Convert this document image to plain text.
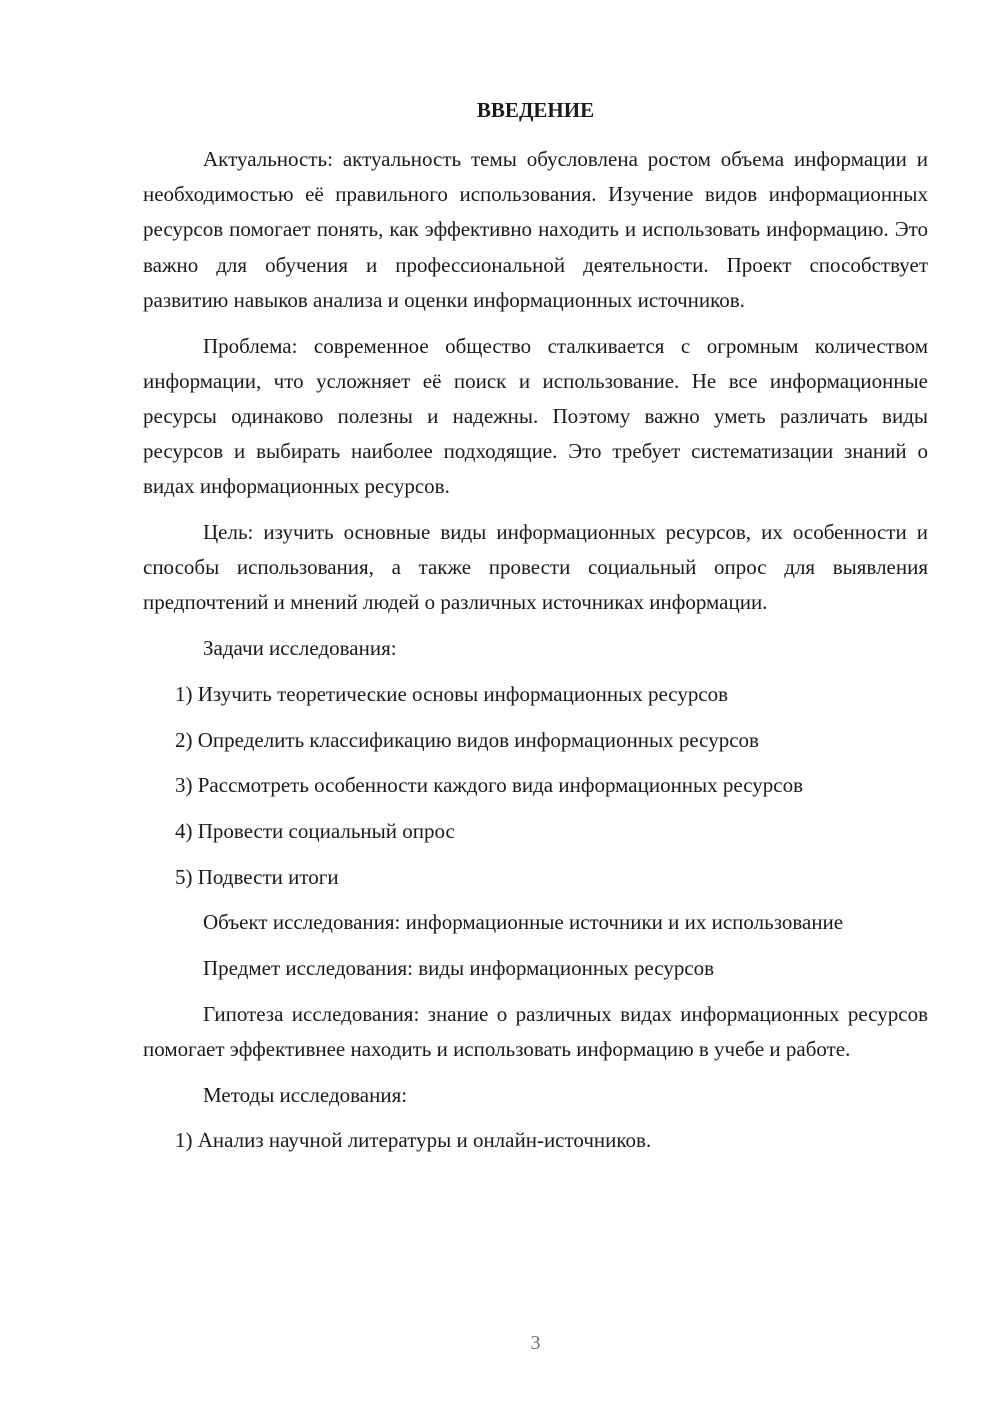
ВВЕДЕНИЕ

Актуальность: актуальность темы обусловлена ростом объема информации и необходимостью её правильного использования. Изучение видов информационных ресурсов помогает понять, как эффективно находить и использовать информацию. Это важно для обучения и профессиональной деятельности. Проект способствует развитию навыков анализа и оценки информационных источников.

Проблема: современное общество сталкивается с огромным количеством информации, что усложняет её поиск и использование. Не все информационные ресурсы одинаково полезны и надежны. Поэтому важно уметь различать виды ресурсов и выбирать наиболее подходящие. Это требует систематизации знаний о видах информационных ресурсов.

Цель: изучить основные виды информационных ресурсов, их особенности и способы использования, а также провести социальный опрос для выявления предпочтений и мнений людей о различных источниках информации.

Задачи исследования:

1) Изучить теоретические основы информационных ресурсов

2) Определить классификацию видов информационных ресурсов

3) Рассмотреть особенности каждого вида информационных ресурсов

4) Провести социальный опрос

5) Подвести итоги

Объект исследования: информационные источники и их использование

Предмет исследования: виды информационных ресурсов

Гипотеза исследования: знание о различных видах информационных ресурсов помогает эффективнее находить и использовать информацию в учебе и работе.

Методы исследования:

1) Анализ научной литературы и онлайн-источников.

3
